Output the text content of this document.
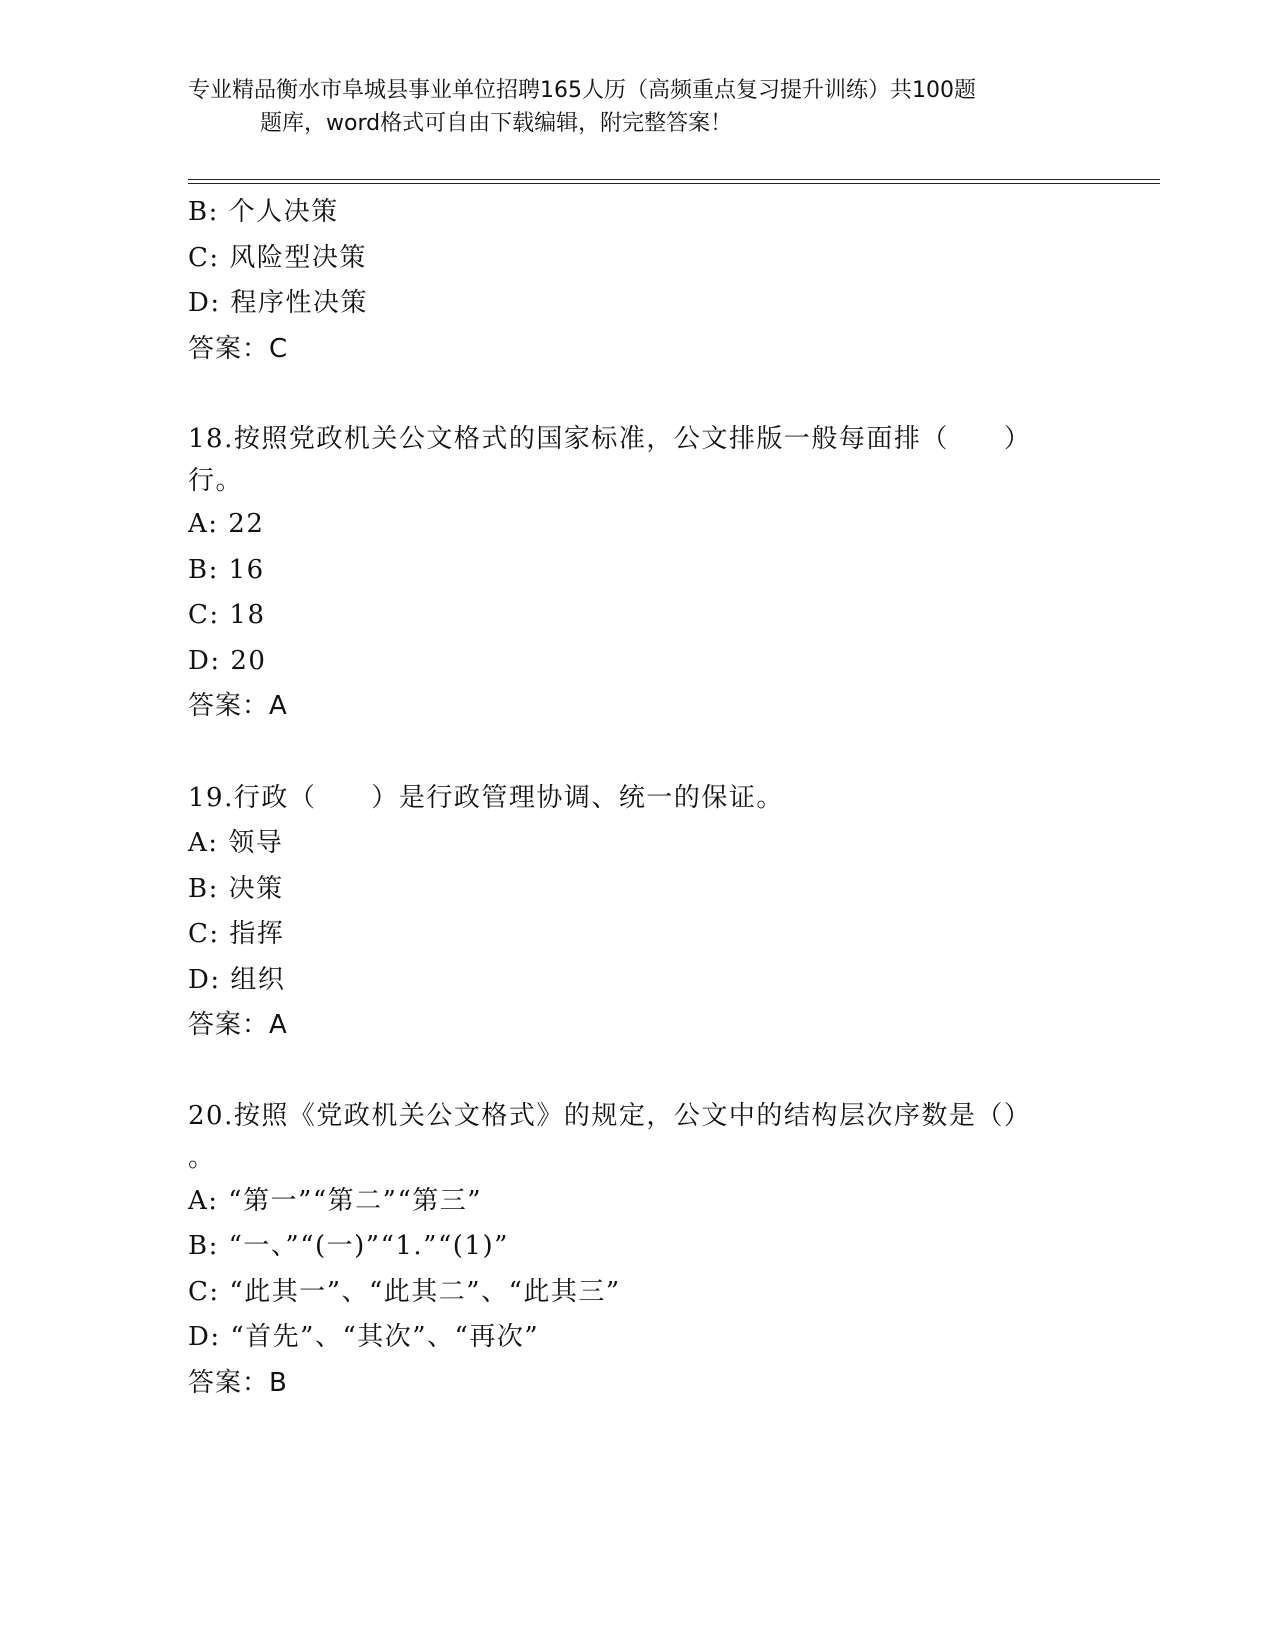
专业精品衡水市阜城县事业单位招聘165人历（高频重点复习提升训练）共100题
题库，word格式可自由下载编辑，附完整答案！
B: 个人决策
C: 风险型决策
D: 程序性决策
答案：C
18.按照党政机关公文格式的国家标准，公文排版一般每面排（　　）
行。
A: 22
B: 16
C: 18
D: 20
答案：A
19.行政（　　）是行政管理协调、统一的保证。
A: 领导
B: 决策
C: 指挥
D: 组织
答案：A
20.按照《党政机关公文格式》的规定，公文中的结构层次序数是（）
。
A: “第一”“第二”“第三”
B: “一、”“(一)”“1.”“(1)”
C: “此其一”、“此其二”、“此其三”
D: “首先”、“其次”、“再次”
答案：B
